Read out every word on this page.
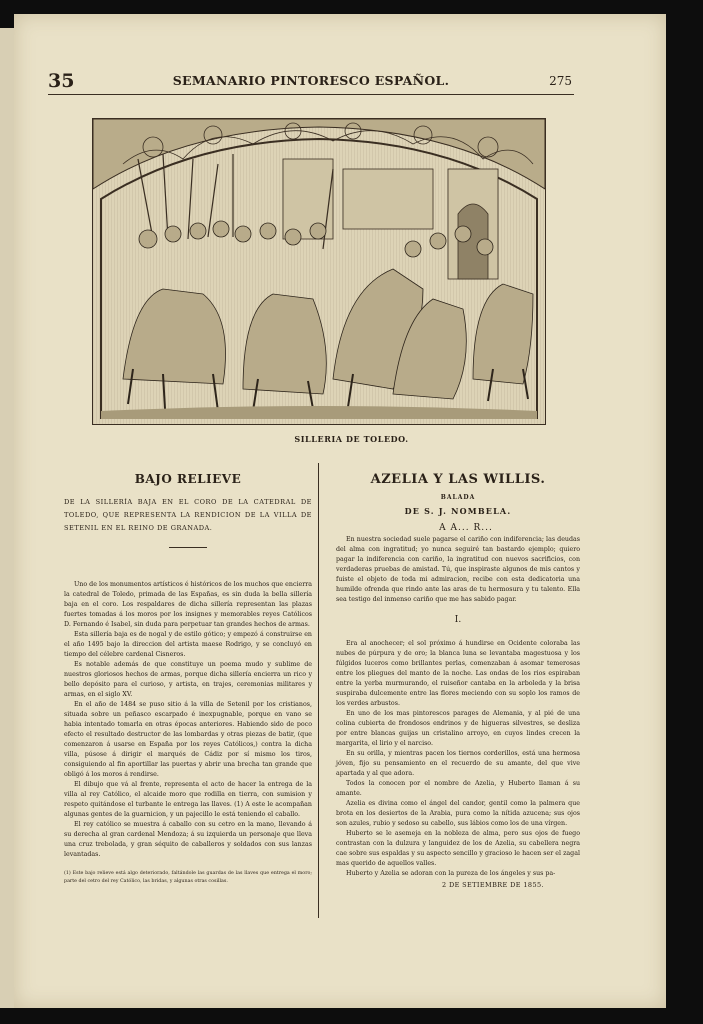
35	SEMANARIO PINTORESCO ESPAÑOL.	275
SILLERIA DE TOLEDO.
BAJO RELIEVE

DE LA SILLERÍA BAJA EN EL CORO DE LA CATEDRAL DE TOLEDO, QUE REPRESENTA LA RENDICION DE LA VILLA DE SETENIL EN EL REINO DE GRANADA.

Uno de los monumentos artísticos é históricos de los muchos que encierra la catedral de Toledo, primada de las Españas, es sin duda la bella sillería baja en el coro. Los respaldares de dicha sillería representan las plazas fuertes tomadas á los moros por los insignes y memorables reyes Católicos D. Fernando é Isabel, sin duda para perpetuar tan grandes hechos de armas.

Esta sillería baja es de nogal y de estilo gótico; y empezó á construirse en el año 1495 bajo la direccion del artista maese Rodrigo, y se concluyó en tiempo del célebre cardenal Cisneros.

Es notable además de que constituye un poema mudo y sublime de nuestros gloriosos hechos de armas, porque dicha sillería encierra un rico y bello depósito para el curioso, y artista, en trajes, ceremonias militares y armas, en el siglo XV.

En el año de 1484 se puso sitio á la villa de Setenil por los cristianos, situada sobre un peñasco escarpado é inexpugnable, porque en vano se habia intentado tomarla en otras épocas anteriores. Habiendo sido de poco efecto el resultado destructor de las lombardas y otras piezas de batir, (que comenzaron á usarse en España por los reyes Católicos,) contra la dicha villa, púsose á dirigir el marqués de Cádiz por sí mismo los tiros, consiguiendo al fin aportillar las puertas y abrir una brecha tan grande que obligó á los moros á rendirse.

El dibujo que vá al frente, representa el acto de hacer la entrega de la villa al rey Católico, el alcaide moro que rodilla en tierra, con sumision y respeto quitándose el turbante le entrega las llaves. (1) A este le acompañan algunas gentes de la guarnicion, y un pajecillo le está teniendo el caballo.

El rey católico se muestra á caballo con su cetro en la mano, llevando á su derecha al gran cardenal Mendoza; á su izquierda un personaje que lleva una cruz trebolada, y gran séquito de caballeros y soldados con sus lanzas levantadas.

(1) Este bajo relieve está algo deteriorado, faltándole las guardas de las llaves que entrega el moro; parte del cetro del rey Católico, las bridas, y algunas otras cosillas.

AZELIA Y LAS WILLIS.
BALADA
DE S. J. NOMBELA.
A A... R...

En nuestra sociedad suele pagarse el cariño con indiferencia; las deudas del alma con ingratitud; yo nunca seguiré tan bastardo ejemplo; quiero pagar la indiferencia con cariño, la ingratitud con nuevos sacrificios, con verdaderas pruebas de amistad. Tú, que inspiraste algunos de mis cantos y fuiste el objeto de toda mi admiracion, recibe con esta dedicatoria una humilde ofrenda que rindo ante las aras de tu hermosura y tu talento. Ella sea testigo del inmenso cariño que me has sabido pagar.

I.

Era al anochecer; el sol próximo á hundirse en Ocidente coloraba las nubes de púrpura y de oro; la blanca luna se levantaba magestuosa y los fúlgidos luceros como brillantes perlas, comenzaban á asomar temerosas entre los pliegues del manto de la noche. Las ondas de los rios espiraban entre la yerba murmurando, el ruiseñor cantaba en la arboleda y la brisa suspiraba dulcemente entre las flores meciendo con su soplo los ramos de los verdes arbustos.

En uno de los mas pintorescos parages de Alemania, y al pié de una colina cubierta de frondosos endrinos y de higueras silvestres, se desliza por entre blancas guijas un cristalino arroyo, en cuyos lindes crecen la margarita, el lirio y el narciso.

En su orilla, y mientras pacen los tiernos corderillos, está una hermosa jóven, fijo su pensamiento en el recuerdo de su amante, del que vive apartada y al que adora.

Todos la conocen por el nombre de Azelia, y Huberto llaman á su amante.

Azelia es divina como el ángel del candor, gentil como la palmera que brota en los desiertos de la Arabia, pura como la nítida azucena; sus ojos son azules, rubio y sedoso su cabello, sus lábios como los de una vírgen.

Huberto se le asemeja en la nobleza de alma, pero sus ojos de fuego contrastan con la dulzura y languidez de los de Azelia, su cabellera negra cae sobre sus espaldas y su aspecto sencillo y gracioso le hacen ser el zagal mas querido de aquellos valles.

Huberto y Azelia se adoran con la pureza de los ángeles y sus pa-

2 DE SETIEMBRE DE 1855.
